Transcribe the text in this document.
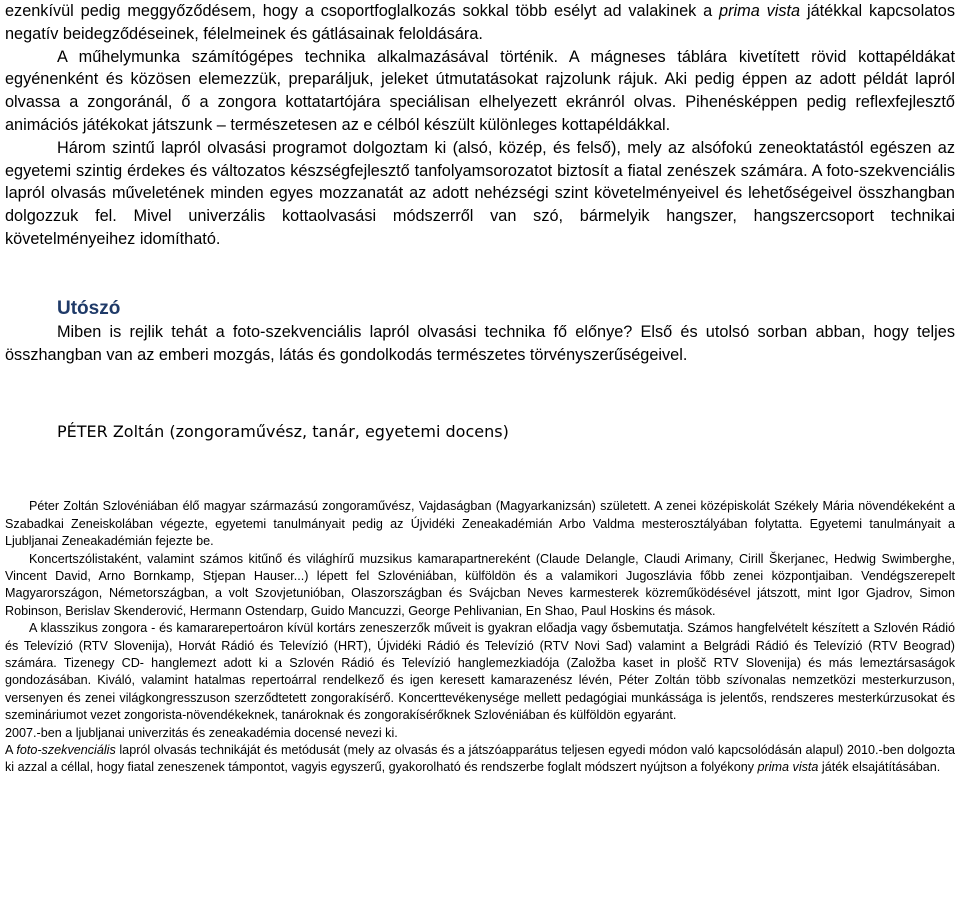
ezenkívül pedig meggyőződésem, hogy a csoportfoglalkozás sokkal több esélyt ad valakinek a prima vista játékkal kapcsolatos negatív beidegződéseinek, félelmeinek és gátlásainak feloldására.

A műhelymunka számítógépes technika alkalmazásával történik. A mágneses táblára kivetített rövid kottapéldákat egyénenként és közösen elemezzük, preparáljuk, jeleket útmutatásokat rajzolunk rájuk. Aki pedig éppen az adott példát lapról olvassa a zongoránál, ő a zongora kottatartójára speciálisan elhelyezett ekránról olvas. Pihenésképpen pedig reflexfejlesztő animációs játékokat játszunk – természetesen az e célból készült különleges kottapéldákkal.

Három szintű lapról olvasási programot dolgoztam ki (alsó, közép, és felső), mely az alsófokú zeneoktatástól egészen az egyetemi szintig érdekes és változatos készségfejlesztő tanfolyamsorozatot biztosít a fiatal zenészek számára. A foto-szekvenciális lapról olvasás műveletének minden egyes mozzanatát az adott nehézségi szint követelményeivel és lehetőségeivel összhangban dolgozzuk fel. Mivel univerzális kottaolvasási módszerről van szó, bármelyik hangszer, hangszercsoport technikai követelményeihez idomítható.

Utószó

Miben is rejlik tehát a foto-szekvenciális lapról olvasási technika fő előnye? Első és utolsó sorban abban, hogy teljes összhangban van az emberi mozgás, látás és gondolkodás természetes törvényszerűségeivel.

PÉTER Zoltán (zongoraművész, tanár, egyetemi docens)

Péter Zoltán Szlovéniában élő magyar származású zongoraművész, Vajdaságban (Magyarkanizsán) született. A zenei középiskolát Székely Mária növendékeként a Szabadkai Zeneiskolában végezte, egyetemi tanulmányait pedig az Újvidéki Zeneakadémián Arbo Valdma mesterosztályában folytatta. Egyetemi tanulmányait a Ljubljanai Zeneakadémián fejezte be.

Koncertszólistaként, valamint számos kitűnő és világhírű muzsikus kamarapartnereként (Claude Delangle, Claudi Arimany, Cirill Škerjanec, Hedwig Swimberghe, Vincent David, Arno Bornkamp, Stjepan Hauser...) lépett fel Szlovéniában, külföldön és a valamikori Jugoszlávia főbb zenei központjaiban. Vendégszerepelt Magyarországon, Németországban, a volt Szovjetunióban, Olaszországban és Svájcban Neves karmesterek közreműködésével játszott, mint Igor Gjadrov, Simon Robinson, Berislav Skenderović, Hermann Ostendarp, Guido Mancuzzi, George Pehlivanian, En Shao, Paul Hoskins és mások.

A klasszikus zongora - és kamararepertoáron kívül kortárs zeneszerzők műveit is gyakran előadja vagy ősbemutatja. Számos hangfelvételt készített a Szlovén Rádió és Televízió (RTV Slovenija), Horvát Rádió és Televízió (HRT), Újvidéki Rádió és Televízió (RTV Novi Sad) valamint a Belgrádi Rádió és Televízió (RTV Beograd) számára. Tizenegy CD- hanglemezt adott ki a Szlovén Rádió és Televízió hanglemezkiadója (Založba kaset in plošč RTV Slovenija) és más lemeztársaságok gondozásában. Kiváló, valamint hatalmas repertoárral rendelkező és igen keresett kamarazenész lévén, Péter Zoltán több szívonalas nemzetközi mesterkurzuson, versenyen és zenei világkongresszuson szerződtetett zongorakísérő. Koncerttevékenysége mellett pedagógiai munkássága is jelentős, rendszeres mesterkúrzusokat és szemináriumot vezet zongorista-növendékeknek, tanároknak és zongorakísérőknek Szlovéniában és külföldön egyaránt.

2007.-ben a ljubljanai univerzitás és zeneakadémia docensé nevezi ki.

A foto-szekvenciális lapról olvasás technikáját és metódusát (mely az olvasás és a játszóapparátus teljesen egyedi módon való kapcsolódásán alapul) 2010.-ben dolgozta ki azzal a céllal, hogy fiatal zeneszenek támpontot, vagyis egyszerű, gyakorolható és rendszerbe foglalt módszert nyújtson a folyékony prima vista játék elsajátításában.
